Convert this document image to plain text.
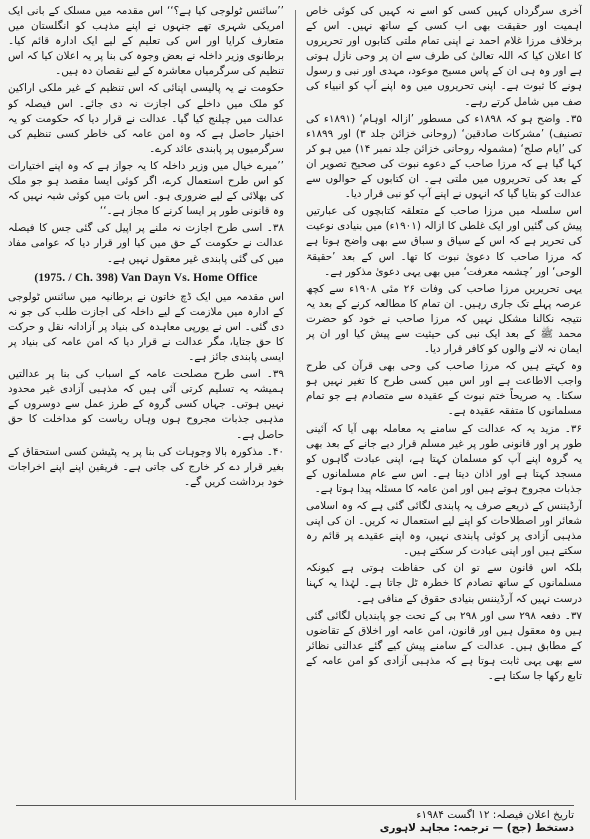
آخری سرگرداں کہیں کسی کو اسے نہ کہیں کی کوئی خاص اہمیت اور حقیقت بھی اب کسی کے ساتھ نہیں۔ اس کے برخلاف مرزا غلام احمد نے اپنی تمام ملتی کتابوں اور تحریروں کا اعلان کیا کہ اللہ تعالیٰ کی طرف سے ان پر وحی نازل ہوتی ہے اور وہ ہی ان کے پاس مسیح موعود، مہدی اور نبی و رسول ہونے کا ثبوت ہے۔ اپنی تحریروں میں وہ اپنے آپ کو انبیاء کی صف میں شامل کرتے رہے۔

۳۵۔ واضح ہو کہ ۱۸۹۸ء کی مسطور ’ازالہ اوہام‘ (۱۸۹۱ء کی تصنیف) ’مشرکات صادقین‘ (روحانی خزائن جلد ۳) اور ۱۸۹۹ء کی ’ایام صلح‘ (مشمولہ روحانی خزائن جلد نمبر ۱۴) میں ہو کر کہا گیا ہے کہ مرزا صاحب کے دعوے نبوت کی صحیح تصویر ان کے بعد کی تحریروں میں ملتی ہے۔ ان کتابوں کے حوالوں سے عدالت کو بتایا گیا کہ انہوں نے اپنے آپ کو نبی قرار دیا۔

اس سلسلہ میں مرزا صاحب کے متعلقہ کتابچوں کی عبارتیں پیش کی گئیں اور ایک غلطی کا ازالہ (۱۹۰۱ء) میں بنیادی نوعیت کی تحریر ہے کہ اس کے سیاق و سباق سے بھی واضح ہوتا ہے کہ مرزا صاحب کا دعویٰ نبوت کا تھا۔ اس کے بعد ’حقیقۃ الوحی‘ اور ’چشمہ معرفت‘ میں بھی یہی دعویٰ مذکور ہے۔

یہی تحریریں مرزا صاحب کی وفات ۲۶ مئی ۱۹۰۸ء سے کچھ عرصہ پہلے تک جاری رہیں۔ ان تمام کا مطالعہ کرنے کے بعد یہ نتیجہ نکالنا مشکل نہیں کہ مرزا صاحب نے خود کو حضرت محمد ﷺ کے بعد ایک نبی کی حیثیت سے پیش کیا اور ان پر ایمان نہ لانے والوں کو کافر قرار دیا۔

وہ کہتے ہیں کہ مرزا صاحب کی وحی بھی قرآن کی طرح واجب الاطاعت ہے اور اس میں کسی طرح کا تغیر نہیں ہو سکتا۔ یہ صریحاً ختم نبوت کے عقیدہ سے متصادم ہے جو تمام مسلمانوں کا متفقہ عقیدہ ہے۔

۳۶۔ مزید یہ کہ عدالت کے سامنے یہ معاملہ بھی آیا کہ آئینی طور پر اور قانونی طور پر غیر مسلم قرار دیے جانے کے بعد بھی یہ گروہ اپنے آپ کو مسلمان کہتا ہے، اپنی عبادت گاہوں کو مسجد کہتا ہے اور اذان دیتا ہے۔ اس سے عام مسلمانوں کے جذبات مجروح ہوتے ہیں اور امن عامہ کا مسئلہ پیدا ہوتا ہے۔

آرڈیننس کے ذریعے صرف یہ پابندی لگائی گئی ہے کہ وہ اسلامی شعائر اور اصطلاحات کو اپنے لیے استعمال نہ کریں۔ ان کی اپنی مذہبی آزادی پر کوئی پابندی نہیں، وہ اپنے عقیدے پر قائم رہ سکتے ہیں اور اپنی عبادت کر سکتے ہیں۔

بلکہ اس قانون سے تو ان کی حفاظت ہوتی ہے کیونکہ مسلمانوں کے ساتھ تصادم کا خطرہ ٹل جاتا ہے۔ لہٰذا یہ کہنا درست نہیں کہ آرڈیننس بنیادی حقوق کے منافی ہے۔

۳۷۔ دفعہ ۲۹۸ سی اور ۲۹۸ بی کے تحت جو پابندیاں لگائی گئی ہیں وہ معقول ہیں اور قانون، امن عامہ اور اخلاق کے تقاضوں کے مطابق ہیں۔ عدالت کے سامنے پیش کیے گئے عدالتی نظائر سے بھی یہی ثابت ہوتا ہے کہ مذہبی آزادی کو امن عامہ کے تابع رکھا جا سکتا ہے۔

’’سائنس ٹولوجی کیا ہے؟‘‘ اس مقدمہ میں مسلک کے بانی ایک امریکی شہری تھے جنہوں نے اپنے مذہب کو انگلستان میں متعارف کرایا اور اس کی تعلیم کے لیے ایک ادارہ قائم کیا۔ برطانوی وزیر داخلہ نے بعض وجوہ کی بنا پر یہ اعلان کیا کہ اس تنظیم کی سرگرمیاں معاشرہ کے لیے نقصان دہ ہیں۔

حکومت نے یہ پالیسی اپنائی کہ اس تنظیم کے غیر ملکی اراکین کو ملک میں داخلے کی اجازت نہ دی جائے۔ اس فیصلہ کو عدالت میں چیلنج کیا گیا۔ عدالت نے قرار دیا کہ حکومت کو یہ اختیار حاصل ہے کہ وہ امن عامہ کی خاطر کسی تنظیم کی سرگرمیوں پر پابندی عائد کرے۔

’’میرے خیال میں وزیر داخلہ کا یہ جواز ہے کہ وہ اپنے اختیارات کو اس طرح استعمال کرے، اگر کوئی ایسا مقصد ہو جو ملک کی بھلائی کے لیے ضروری ہو۔ اس بات میں کوئی شبہ نہیں کہ وہ قانونی طور پر ایسا کرنے کا مجاز ہے۔‘‘

۳۸۔ اسی طرح اجازت نہ ملنے پر اپیل کی گئی جس کا فیصلہ عدالت نے حکومت کے حق میں کیا اور قرار دیا کہ عوامی مفاد میں کی گئی پابندی غیر معقول نہیں ہے۔

(1975. / Ch. 398) Van Dayn Vs. Home Office

اس مقدمہ میں ایک ڈچ خاتون نے برطانیہ میں سائنس ٹولوجی کے ادارہ میں ملازمت کے لیے داخلہ کی اجازت طلب کی جو نہ دی گئی۔ اس نے یورپی معاہدہ کی بنیاد پر آزادانہ نقل و حرکت کا حق جتایا، مگر عدالت نے قرار دیا کہ امن عامہ کی بنیاد پر ایسی پابندی جائز ہے۔

۳۹۔ اسی طرح مصلحت عامہ کے اسباب کی بنا پر عدالتیں ہمیشہ یہ تسلیم کرتی آئی ہیں کہ مذہبی آزادی غیر محدود نہیں ہوتی۔ جہاں کسی گروہ کے طرز عمل سے دوسروں کے مذہبی جذبات مجروح ہوں وہاں ریاست کو مداخلت کا حق حاصل ہے۔

۴۰۔ مذکورہ بالا وجوہات کی بنا پر یہ پٹیشن کسی استحقاق کے بغیر قرار دے کر خارج کی جاتی ہے۔ فریقین اپنے اپنے اخراجات خود برداشت کریں گے۔

تاریخ اعلان فیصلہ: ۱۲ اگست ۱۹۸۴ء
دستخط (جج) — ترجمہ: مجاہد لاہوری
